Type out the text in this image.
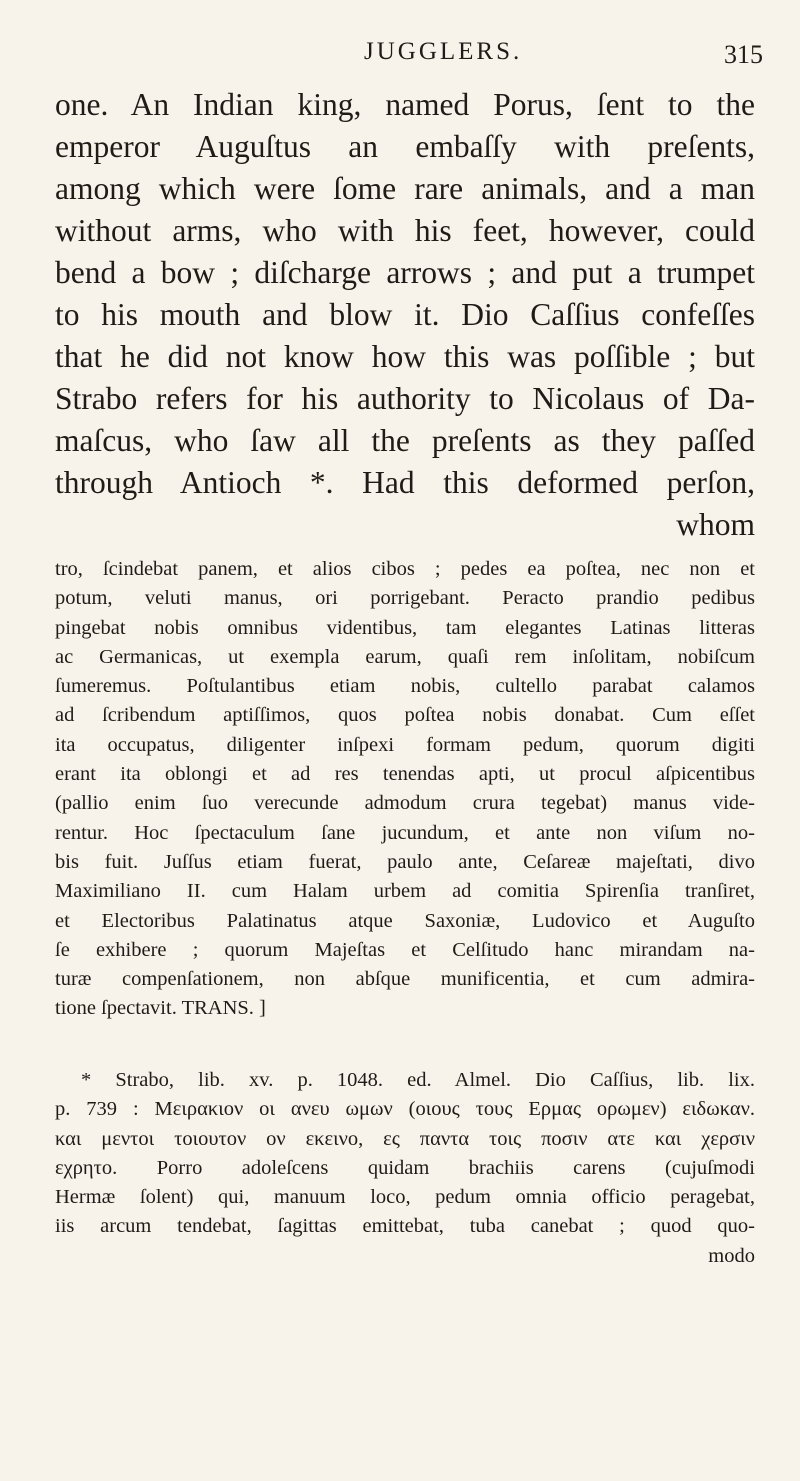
JUGGLERS.	315
one. An Indian king, named Porus, ſent to the
emperor Auguſtus an embaſſy with preſents,
among which were ſome rare animals, and a man
without arms, who with his feet, however, could
bend a bow ; diſcharge arrows ; and put a trumpet
to his mouth and blow it. Dio Caſſius confeſſes
that he did not know how this was poſſible ; but
Strabo refers for his authority to Nicolaus of Da-
maſcus, who ſaw all the preſents as they paſſed
through Antioch *. Had this deformed perſon,
whom
tro, ſcindebat panem, et alios cibos ; pedes ea poſtea, nec non et
potum, veluti manus, ori porrigebant. Peracto prandio pedibus
pingebat nobis omnibus videntibus, tam elegantes Latinas litteras
ac Germanicas, ut exempla earum, quaſi rem inſolitam, nobiſcum
ſumeremus. Poſtulantibus etiam nobis, cultello parabat calamos
ad ſcribendum aptiſſimos, quos poſtea nobis donabat. Cum eſſet
ita occupatus, diligenter inſpexi formam pedum, quorum digiti
erant ita oblongi et ad res tenendas apti, ut procul aſpicentibus
(pallio enim ſuo verecunde admodum crura tegebat) manus vide-
rentur. Hoc ſpectaculum ſane jucundum, et ante non viſum no-
bis fuit. Juſſus etiam fuerat, paulo ante, Ceſareæ majeſtati, divo
Maximiliano II. cum Halam urbem ad comitia Spirenſia tranſiret,
et Electoribus Palatinatus atque Saxoniæ, Ludovico et Auguſto
ſe exhibere ; quorum Majeſtas et Celſitudo hanc mirandam na-
turæ compenſationem, non abſque munificentia, et cum admira-
tione ſpectavit. TRANS. ]
* Strabo, lib. xv. p. 1048. ed. Almel. Dio Caſſius, lib. lix.
p. 739 : Μειρακιον οι ανευ ωμων (οιους τους Ερμας ορωμεν) ειδωκαν.
και μεντοι τοιουτον ον εκεινο, ες παντα τοις ποσιν ατε και χερσιν
εχρητο. Porro adoleſcens quidam brachiis carens (cujuſmodi
Hermæ ſolent) qui, manuum loco, pedum omnia officio peragebat,
iis arcum tendebat, ſagittas emittebat, tuba canebat ; quod quo-
modo
